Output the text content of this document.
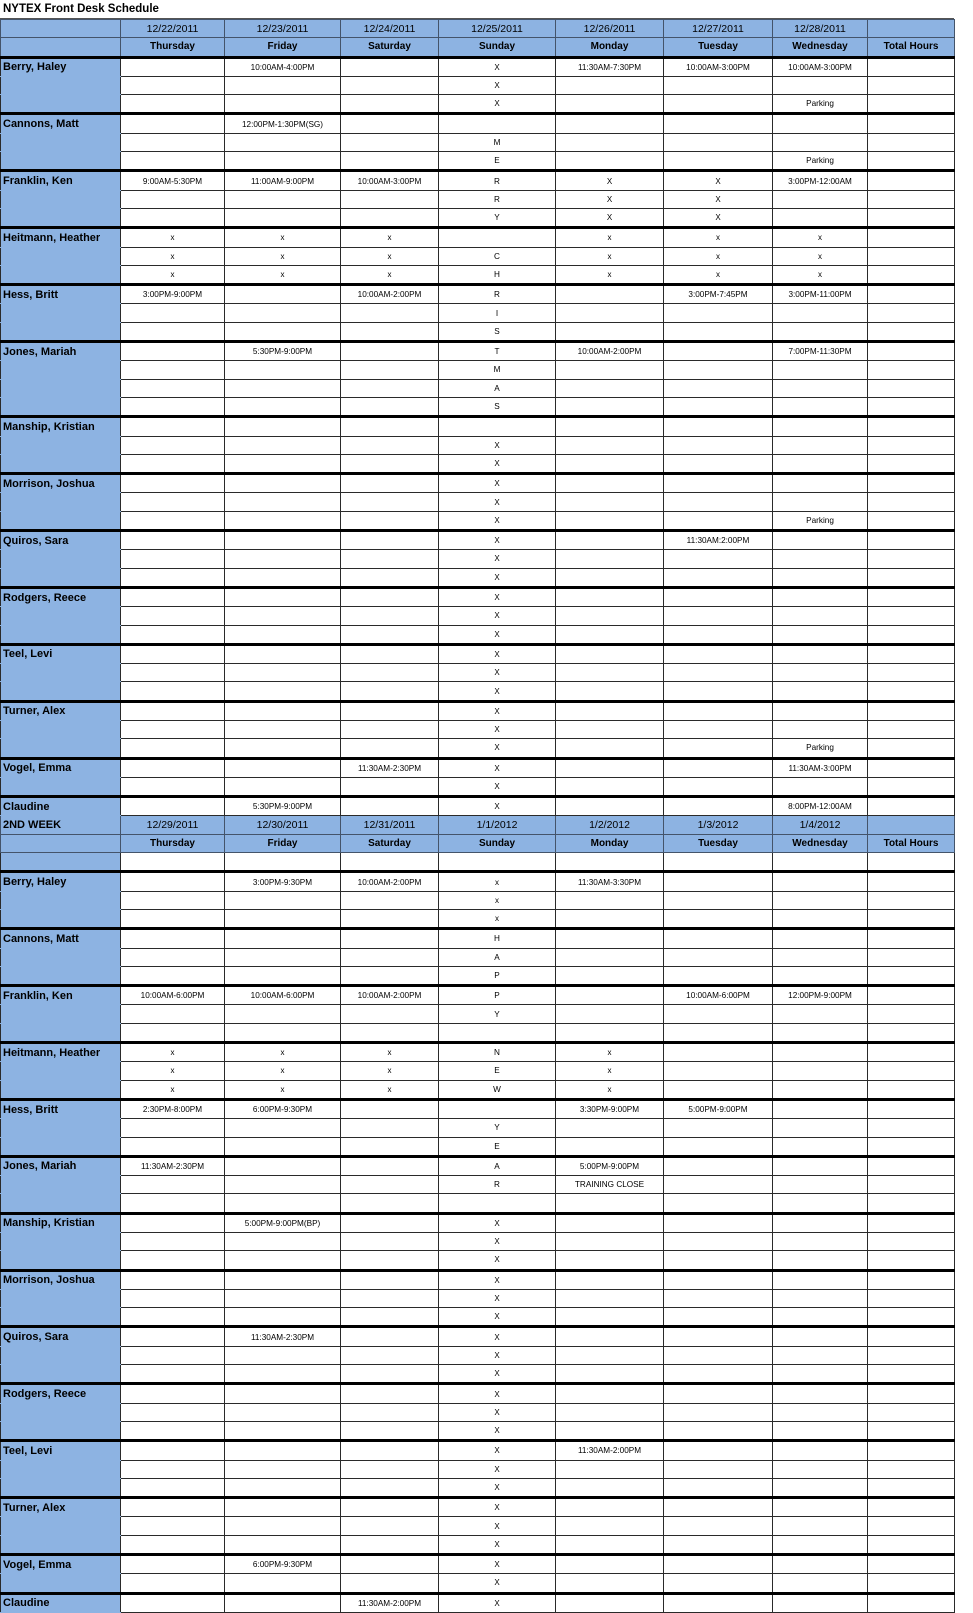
NYTEX Front Desk Schedule
	12/22/2011	12/23/2011	12/24/2011	12/25/2011	12/26/2011	12/27/2011	12/28/2011	
	Thursday	Friday	Saturday	Sunday	Monday	Tuesday	Wednesday	Total Hours
Berry, Haley		10:00AM-4:00PM		X	11:30AM-7:30PM	10:00AM-3:00PM	10:00AM-3:00PM	
				X				
				X			Parking	
Cannons, Matt		12:00PM-1:30PM(SG)						
				M				
				E			Parking	
Franklin, Ken	9:00AM-5:30PM	11:00AM-9:00PM	10:00AM-3:00PM	R	X	X	3:00PM-12:00AM	
				R	X	X		
				Y	X	X		
Heitmann, Heather	x	x	x		x	x	x	
	x	x	x	C	x	x	x	
	x	x	x	H	x	x	x	
Hess, Britt	3:00PM-9:00PM		10:00AM-2:00PM	R		3:00PM-7:45PM	3:00PM-11:00PM	
				I				
				S				
Jones, Mariah		5:30PM-9:00PM		T	10:00AM-2:00PM		7:00PM-11:30PM	
				M				
				A				
				S				
Manship, Kristian								
				X				
				X				
Morrison, Joshua				X				
				X				
				X			Parking	
Quiros, Sara				X		11:30AM:2:00PM		
				X				
				X				
Rodgers, Reece				X				
				X				
				X				
Teel, Levi				X				
				X				
				X				
Turner, Alex				X				
				X				
				X			Parking	
Vogel, Emma			11:30AM-2:30PM	X			11:30AM-3:00PM	
				X				
Claudine		5:30PM-9:00PM		X			8:00PM-12:00AM	
2ND WEEK	12/29/2011	12/30/2011	12/31/2011	1/1/2012	1/2/2012	1/3/2012	1/4/2012	
	Thursday	Friday	Saturday	Sunday	Monday	Tuesday	Wednesday	Total Hours

Berry, Haley		3:00PM-9:30PM	10:00AM-2:00PM	x	11:30AM-3:30PM			
				x				
				x				
Cannons, Matt				H				
				A				
				P				
Franklin, Ken	10:00AM-6:00PM	10:00AM-6:00PM	10:00AM-2:00PM	P		10:00AM-6:00PM	12:00PM-9:00PM	
				Y				

Heitmann, Heather	x	x	x	N	x			
	x	x	x	E	x			
	x	x	x	W	x			
Hess, Britt	2:30PM-8:00PM	6:00PM-9:30PM			3:30PM-9:00PM	5:00PM-9:00PM		
				Y				
				E				
Jones, Mariah	11:30AM-2:30PM			A	5:00PM-9:00PM			
				R	TRAINING CLOSE			

Manship, Kristian		5:00PM-9:00PM(BP)		X				
				X				
				X				
Morrison, Joshua				X				
				X				
				X				
Quiros, Sara		11:30AM-2:30PM		X				
				X				
				X				
Rodgers, Reece				X				
				X				
				X				
Teel, Levi				X	11:30AM-2:00PM			
				X				
				X				
Turner, Alex				X				
				X				
				X				
Vogel, Emma		6:00PM-9:30PM		X				
				X				
Claudine			11:30AM-2:00PM	X				
